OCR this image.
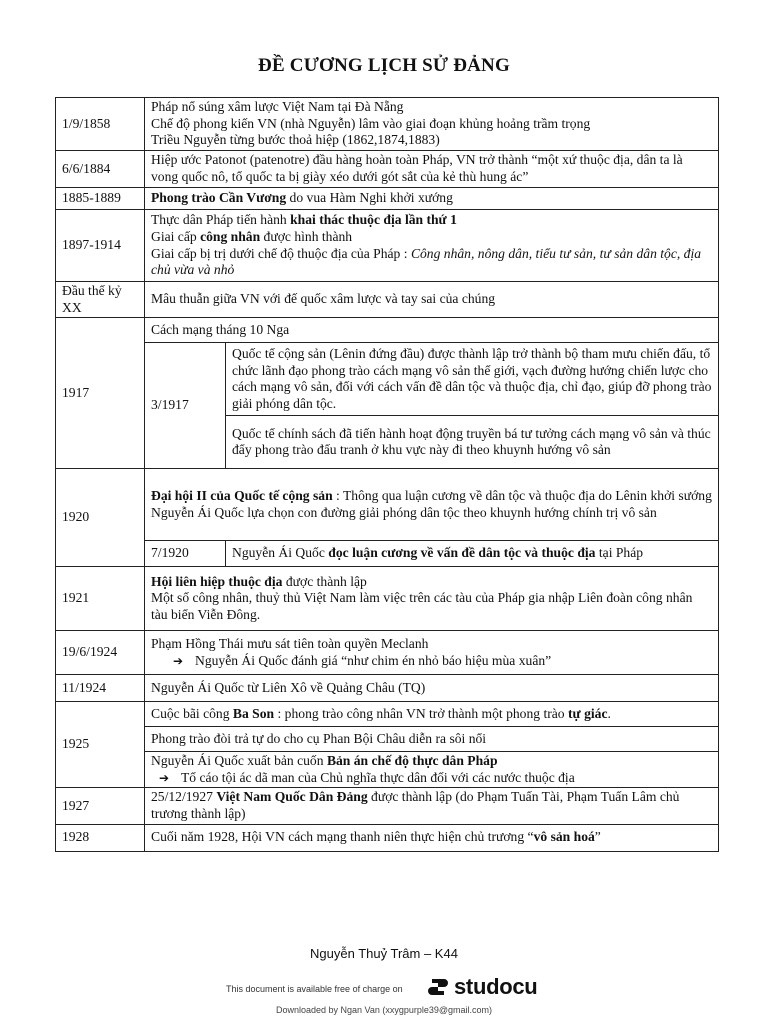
ĐỀ CƯƠNG LỊCH SỬ ĐẢNG
1/9/1858	Pháp nổ súng xâm lược Việt Nam tại Đà Nẵng
Chế độ phong kiến VN (nhà Nguyễn) lâm vào giai đoạn khủng hoảng trầm trọng
Triều Nguyễn từng bước thoả hiệp (1862,1874,1883)	

6/6/1884	Hiệp ước Patonot (patenotre) đầu hàng hoàn toàn Pháp, VN trở thành “một xứ thuộc địa, dân ta là vong quốc nô, tổ quốc ta bị giày xéo dưới gót sắt của kẻ thù hung ác”	
1885-1889	Phong trào Cần Vương do vua Hàm Nghi khởi xướng	
1897-1914	Thực dân Pháp tiến hành khai thác thuộc địa lần thứ 1
Giai cấp công nhân được hình thành
Giai cấp bị trị dưới chế độ thuộc địa của Pháp : Công nhân, nông dân, tiểu tư sản, tư sản dân tộc, địa chủ vừa và nhỏ	

Đầu thế kỷ XX	Mâu thuẫn giữa VN với đế quốc xâm lược và tay sai của chúng	
1917	Cách mạng tháng 10 Nga	
	3/1917	Quốc tế cộng sản (Lênin đứng đầu) được thành lập trở thành bộ tham mưu chiến đấu, tổ chức lãnh đạo phong trào cách mạng vô sản thế giới, vạch đường hướng chiến lược cho cách mạng vô sản, đối với cách vấn đề dân tộc và thuộc địa, chỉ đạo, giúp đỡ phong trào giải phóng dân tộc.
		Quốc tế chính sách đã tiến hành hoạt động truyền bá tư tưởng cách mạng vô sản và thúc đẩy phong trào đấu tranh ở khu vực này đi theo khuynh hướng vô sản
1920	Đại hội II của Quốc tế cộng sản : Thông qua luận cương về dân tộc và thuộc địa do Lênin khởi sướng
Nguyễn Ái Quốc lựa chọn con đường giải phóng dân tộc theo khuynh hướng chính trị vô sản	

	7/1920	Nguyễn Ái Quốc đọc luận cương về vấn đề dân tộc và thuộc địa tại Pháp
1921	Hội liên hiệp thuộc địa được thành lập
Một số công nhân, thuỷ thủ Việt Nam làm việc trên các tàu của Pháp gia nhập Liên đoàn công nhân tàu biển Viễn Đông.	

19/6/1924	Phạm Hồng Thái mưu sát tiên toàn quyền Meclanh
➔ Nguyễn Ái Quốc đánh giá “như chim én nhỏ báo hiệu mùa xuân”	

11/1924	Nguyễn Ái Quốc từ Liên Xô về Quảng Châu (TQ)	
1925	Cuộc bãi công Ba Son : phong trào công nhân VN trở thành một phong trào tự giác.	
	Phong trào đòi trả tự do cho cụ Phan Bội Châu diễn ra sôi nổi	

	Nguyễn Ái Quốc xuất bản cuốn Bản án chế độ thực dân Pháp
➔ Tố cáo tội ác dã man của Chủ nghĩa thực dân đối với các nước thuộc địa	

1927	25/12/1927 Việt Nam Quốc Dân Đảng được thành lập (do Phạm Tuấn Tài, Phạm Tuấn Lâm chủ trương thành lập)	
1928	Cuối năm 1928, Hội VN cách mạng thanh niên thực hiện chủ trương “vô sản hoá”	
Nguyễn Thuỷ Trâm – K44
This document is available free of charge on studocu
Downloaded by Ngan Van (xxygpurple39@gmail.com)
